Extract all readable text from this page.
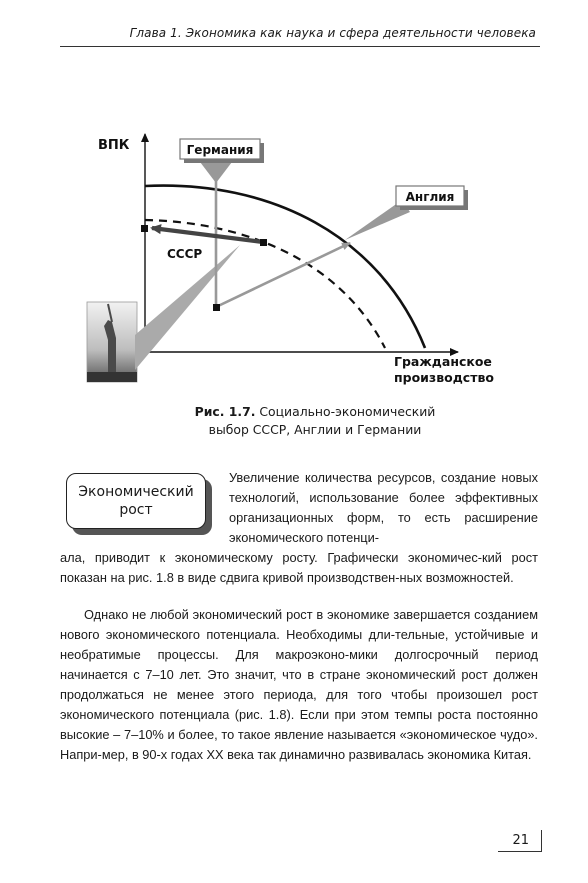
Глава 1. Экономика как наука и сфера деятельности человека
Германия
Англия
СССР
ВПК
Гражданское
производство
Рис. 1.7. Социально-экономический
выбор СССР, Англии и Германии
Экономический
рост
Увеличение количества ресурсов, создание новых технологий, использование более эффективных организационных форм, то есть расширение экономического потенци-
ала, приводит к экономическому росту. Графически экономичес-кий рост показан на рис. 1.8 в виде сдвига кривой производствен-ных возможностей.
Однако не любой экономический рост в экономике завершается созданием нового экономического потенциала. Необходимы дли-тельные, устойчивые и необратимые процессы. Для макроэконо-мики долгосрочный период начинается с 7–10 лет. Это значит, что в стране экономический рост должен продолжаться не менее этого периода, для того чтобы произошел рост экономического потенциала (рис. 1.8). Если при этом темпы роста постоянно высокие – 7–10% и более, то такое явление называется «экономическое чудо». Напри-мер, в 90-х годах XX века так динамично развивалась экономика Китая.
21
